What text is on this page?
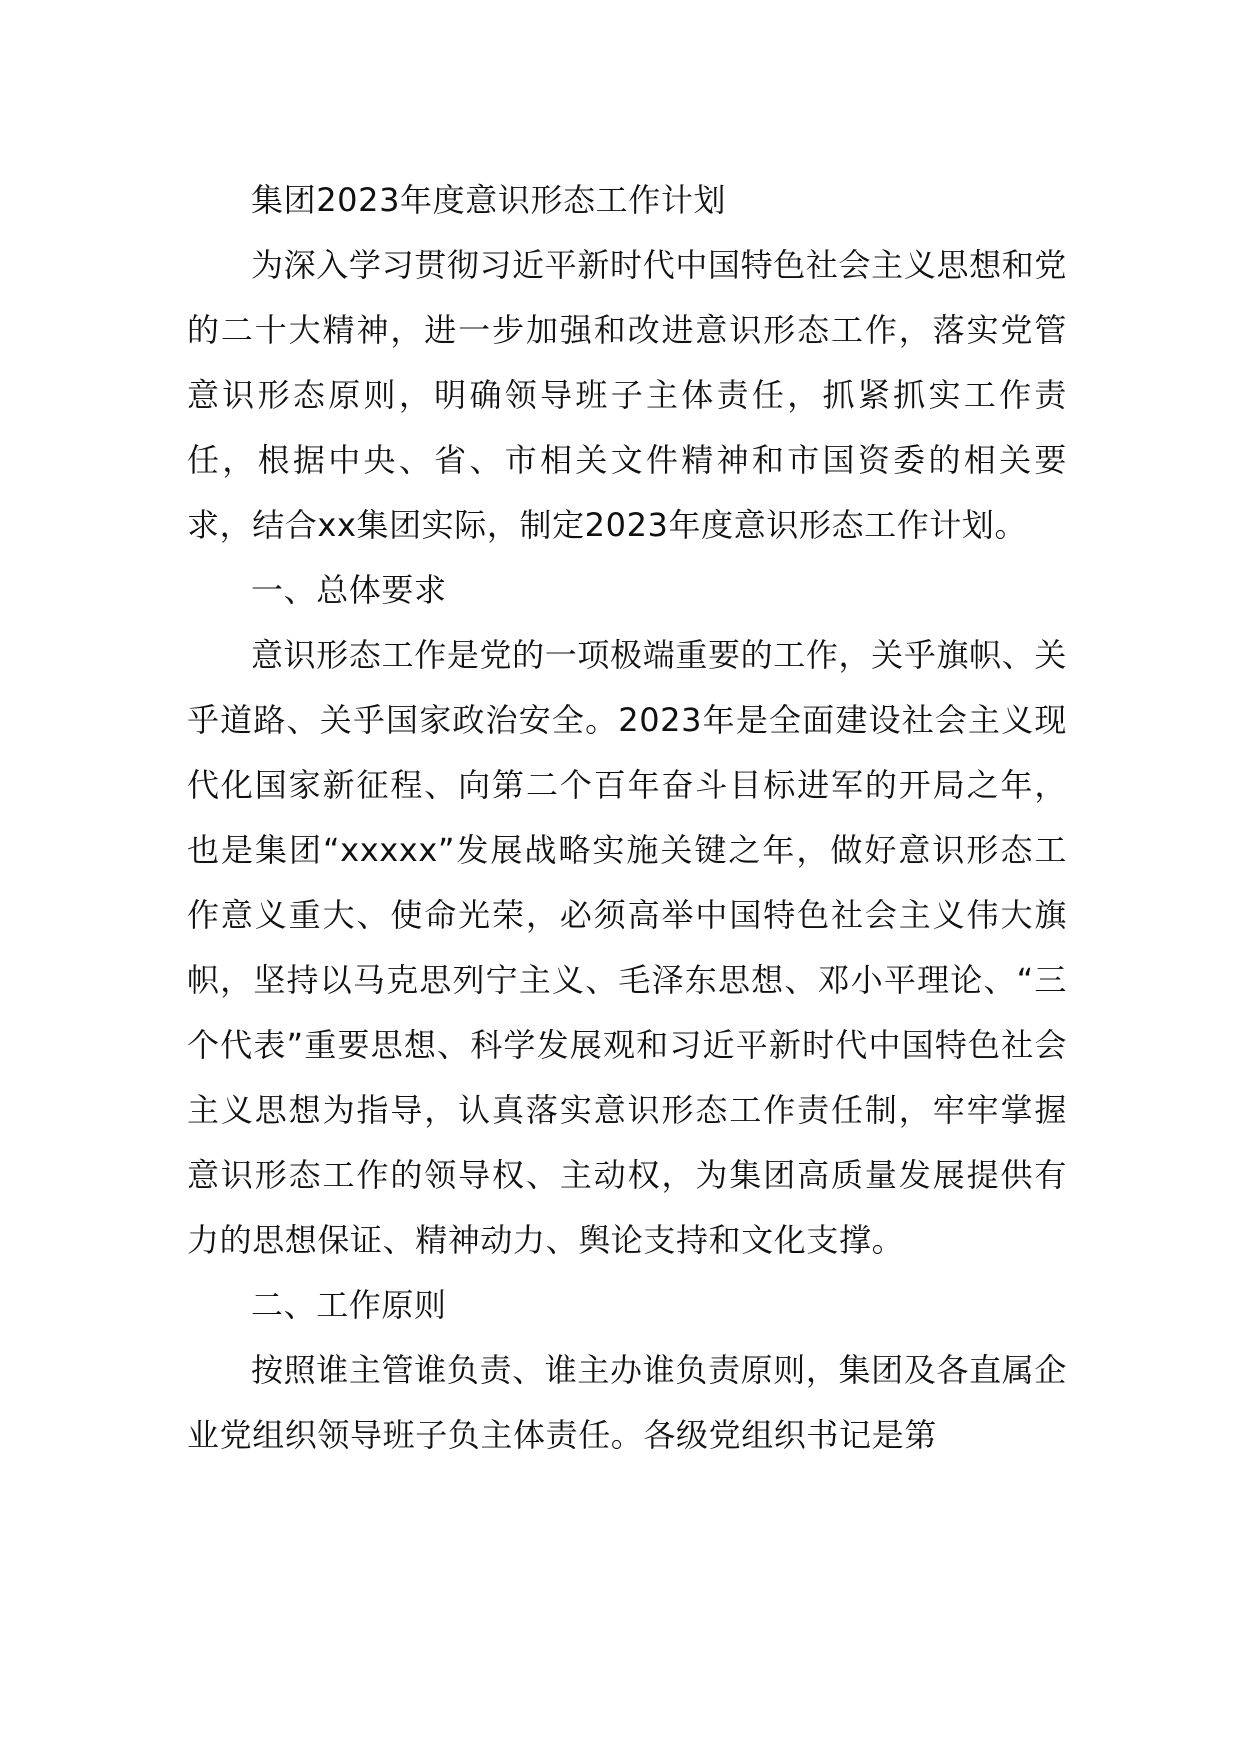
集团2023年度意识形态工作计划

为深入学习贯彻习近平新时代中国特色社会主义思想和党的二十大精神，进一步加强和改进意识形态工作，落实党管意识形态原则，明确领导班子主体责任，抓紧抓实工作责任，根据中央、省、市相关文件精神和市国资委的相关要求，结合xx集团实际，制定2023年度意识形态工作计划。

一、总体要求

意识形态工作是党的一项极端重要的工作，关乎旗帜、关乎道路、关乎国家政治安全。2023年是全面建设社会主义现代化国家新征程、向第二个百年奋斗目标进军的开局之年，也是集团“xxxxx”发展战略实施关键之年，做好意识形态工作意义重大、使命光荣，必须高举中国特色社会主义伟大旗帜，坚持以马克思列宁主义、毛泽东思想、邓小平理论、“三个代表”重要思想、科学发展观和习近平新时代中国特色社会主义思想为指导，认真落实意识形态工作责任制，牢牢掌握意识形态工作的领导权、主动权，为集团高质量发展提供有力的思想保证、精神动力、舆论支持和文化支撑。

二、工作原则

按照谁主管谁负责、谁主办谁负责原则，集团及各直属企业党组织领导班子负主体责任。各级党组织书记是第
